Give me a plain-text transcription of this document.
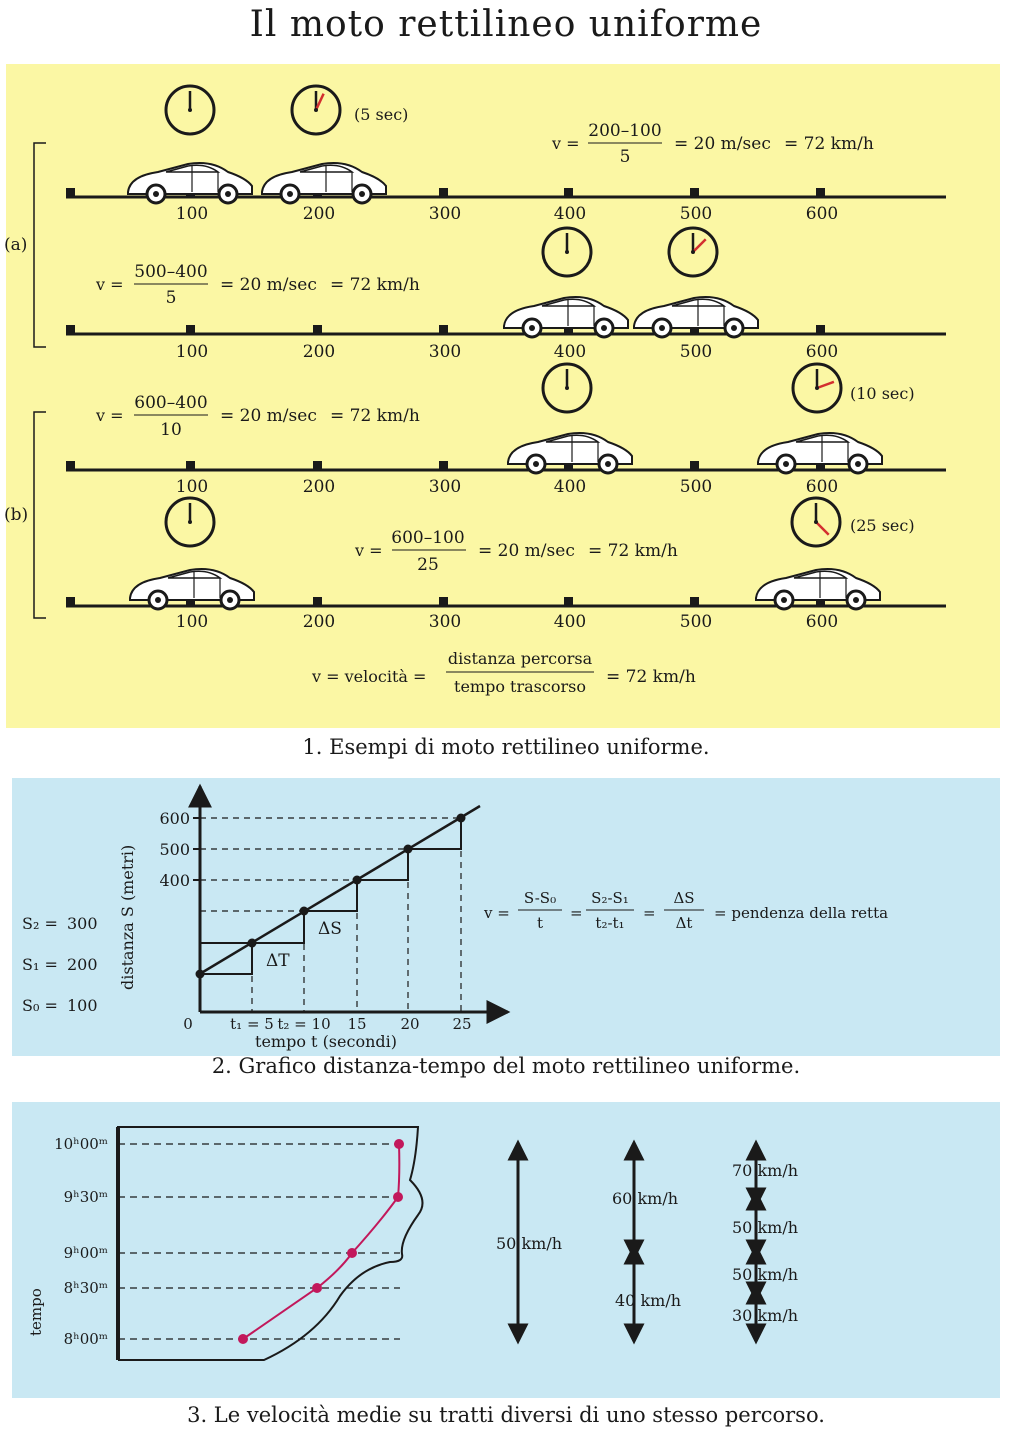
Il moto rettilineo uniforme
100	200	300	400	500	600
100	200	300	400	500	600
100	200	300	400	500	600
100	200	300	400	500	600
(a)
(b)
v =
200–100
5
= 20 m/sec = 72 km/h
(5 sec)
v =
500–400
5
= 20 m/sec = 72 km/h
v =
600–400
10
= 20 m/sec = 72 km/h
(10 sec)
v =
600–100
25
= 20 m/sec = 72 km/h
(25 sec)
v = velocità =
distanza percorsa
tempo trascorso = 72 km/h
1. Esempi di moto rettilineo uniforme.
400
500
600
0 t₁ = 5 t₂ = 10 15 20 25
ΔT
ΔS
distanza S (metri)
tempo t (secondi)
S₂ = 300
S₁ = 200
S₀ = 100
v =
S-S₀
t
=
S₂-S₁
t₂-t₁
=
ΔS
Δt
= pendenza della retta
2. Grafico distanza-tempo del moto rettilineo uniforme.
10ʰ00ᵐ
9ʰ30ᵐ
9ʰ00ᵐ
8ʰ30ᵐ
8ʰ00ᵐ
tempo
50 km/h
60 km/h
40 km/h
70 km/h
50 km/h
50 km/h
30 km/h
3. Le velocità medie su tratti diversi di uno stesso percorso.
